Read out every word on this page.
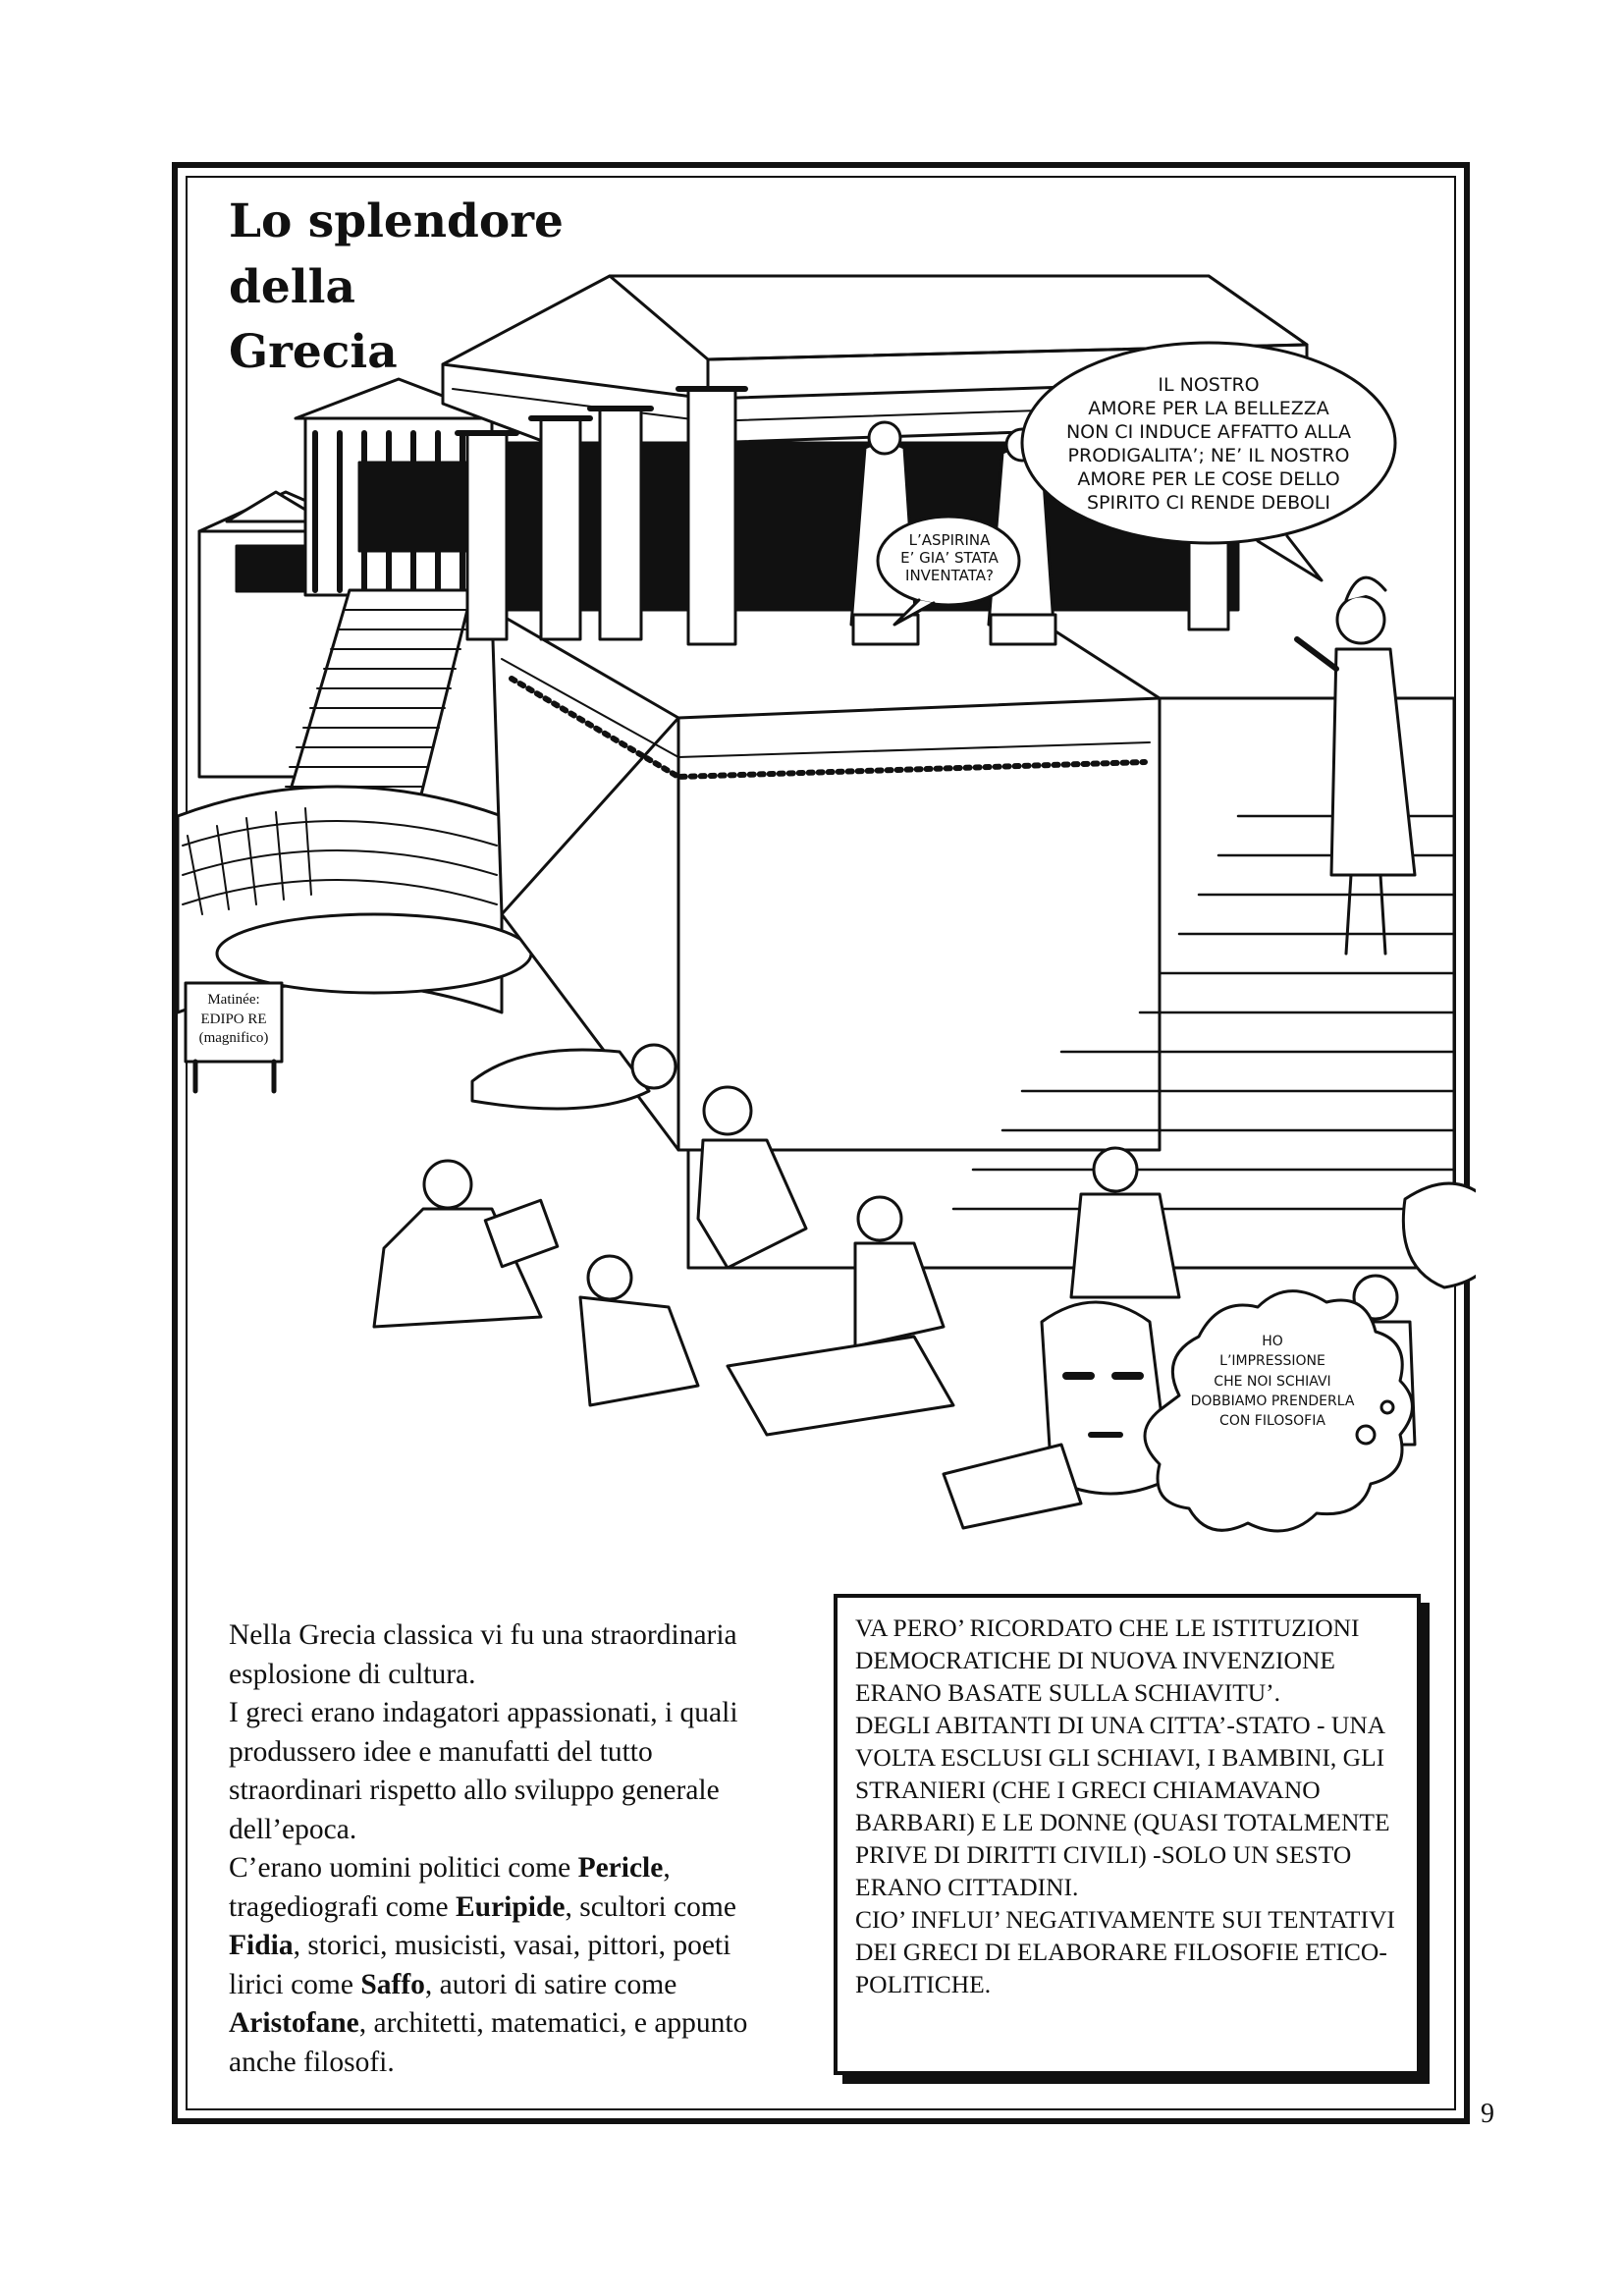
Lo splendore
della
Grecia
IL NOSTRO
AMORE PER LA BELLEZZA
NON CI INDUCE AFFATTO ALLA
PRODIGALITA’; NE’ IL NOSTRO
AMORE PER LE COSE DELLO
SPIRITO CI RENDE DEBOLI
L’ASPIRINA
E’ GIA’ STATA
INVENTATA?
HO
L’IMPRESSIONE
CHE NOI SCHIAVI
DOBBIAMO PRENDERLA
CON FILOSOFIA
Matinée:
EDIPO RE
(magnifico)

Nella Grecia classica vi fu una straordinaria esplosione di cultura.

I greci erano indagatori appassionati, i quali produssero idee e manufatti del tutto straordinari rispetto allo sviluppo generale dell’epoca.

C’erano uomini politici come Pericle, tragediografi come Euripide, scultori come Fidia, storici, musicisti, vasai, pittori, poeti lirici come Saffo, autori di satire come Aristofane, architetti, matematici, e appunto anche filosofi.

VA PERO’ RICORDATO CHE LE ISTITUZIONI DEMOCRATICHE DI NUOVA INVENZIONE ERANO BASATE SULLA SCHIAVITU’.

DEGLI ABITANTI DI UNA CITTA’-STATO - UNA VOLTA ESCLUSI GLI SCHIAVI, I BAMBINI, GLI STRANIERI (CHE I GRECI CHIAMAVANO BARBARI) E LE DONNE (QUASI TOTALMENTE PRIVE DI DIRITTI CIVILI) -SOLO UN SESTO ERANO CITTADINI.

CIO’ INFLUI’ NEGATIVAMENTE SUI TENTATIVI DEI GRECI DI ELABORARE FILOSOFIE ETICO-POLITICHE.

9
